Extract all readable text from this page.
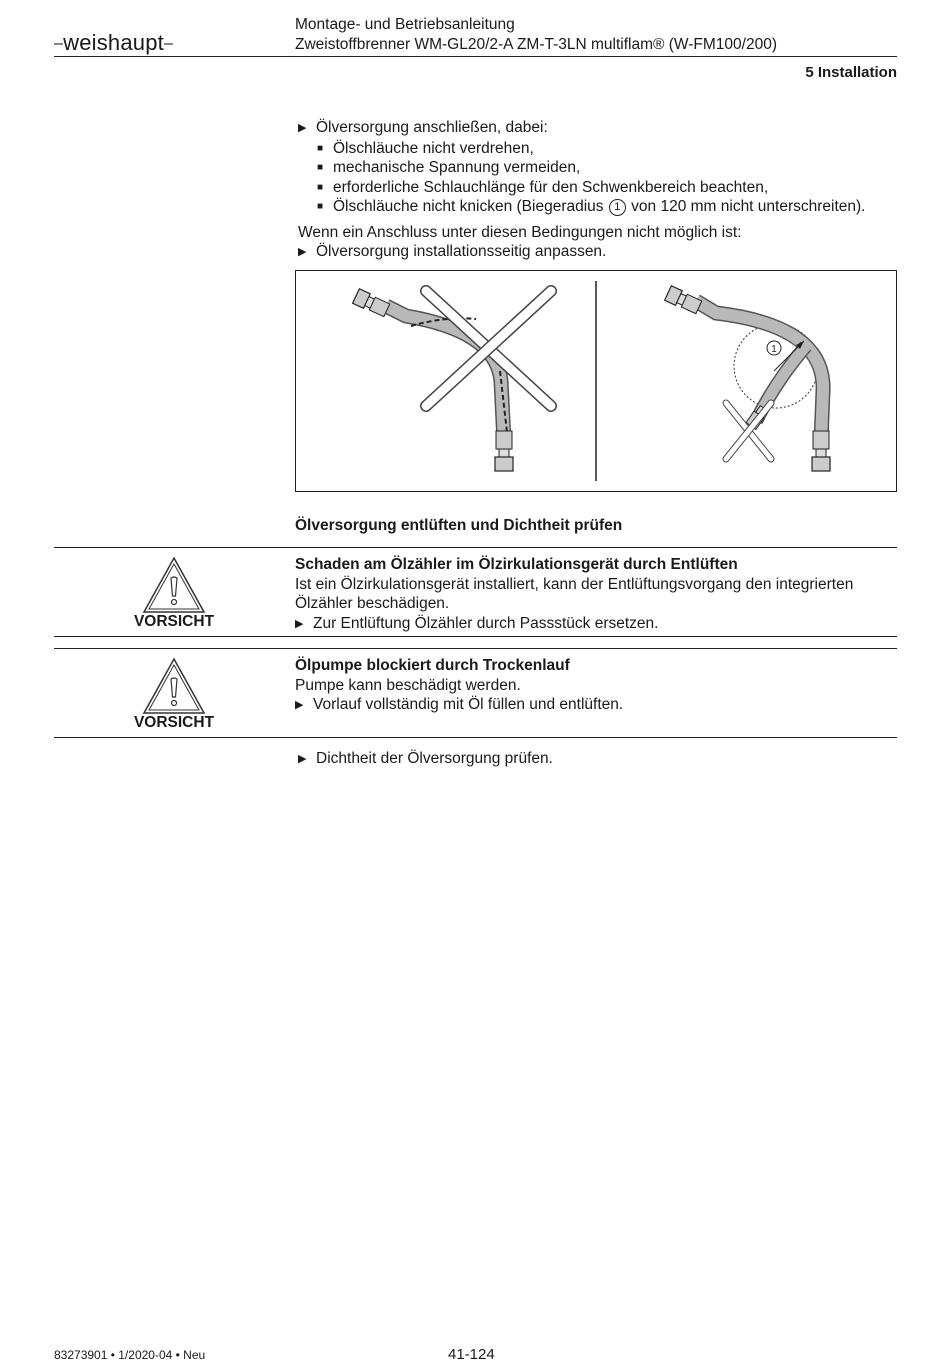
–weishaupt–
Montage- und Betriebsanleitung
Zweistoffbrenner WM-GL20/2-A ZM-T-3LN multiflam® (W-FM100/200)
5 Installation
▶ Ölversorgung anschließen, dabei:
■ Ölschläuche nicht verdrehen,
■ mechanische Spannung vermeiden,
■ erforderliche Schlauchlänge für den Schwenkbereich beachten,
■ Ölschläuche nicht knicken (Biegeradius 1 von 120 mm nicht unterschreiten).
Wenn ein Anschluss unter diesen Bedingungen nicht möglich ist:
▶ Ölversorgung installationsseitig anpassen.
1
Ölversorgung entlüften und Dichtheit prüfen
VORSICHT
Schaden am Ölzähler im Ölzirkulationsgerät durch Entlüften
Ist ein Ölzirkulationsgerät installiert, kann der Entlüftungsvorgang den integrierten
Ölzähler beschädigen.
▶ Zur Entlüftung Ölzähler durch Passstück ersetzen.
VORSICHT
Ölpumpe blockiert durch Trockenlauf
Pumpe kann beschädigt werden.
▶ Vorlauf vollständig mit Öl füllen und entlüften.
▶ Dichtheit der Ölversorgung prüfen.
83273901 • 1/2020-04 • Neu	41-124
